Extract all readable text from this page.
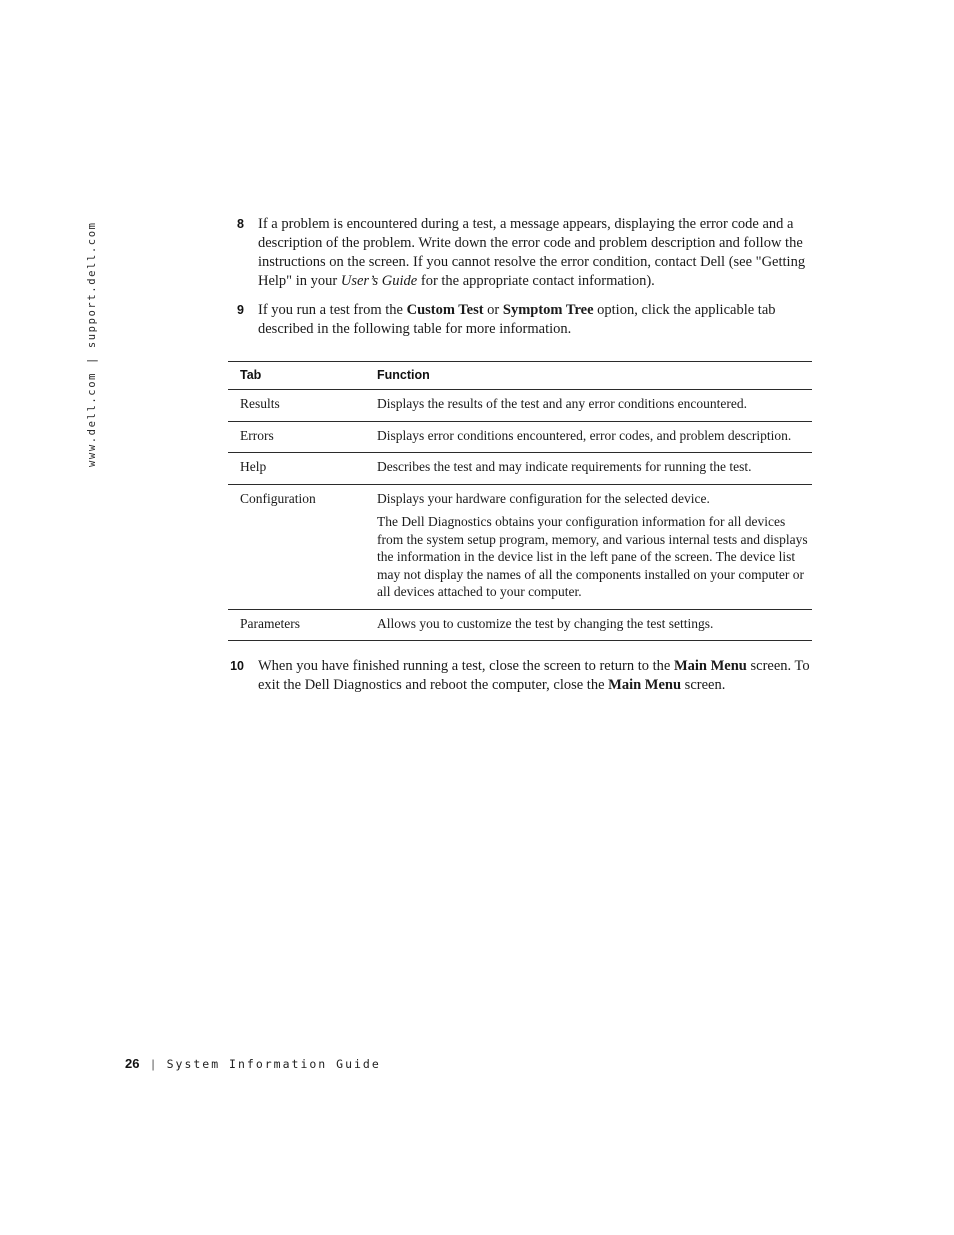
www.dell.com | support.dell.com	8 If a problem is encountered during a test, a message appears, displaying the error code and a description of the problem. Write down the error code and problem description and follow the instructions on the screen. If you cannot resolve the error condition, contact Dell (see "Getting Help" in your User’s Guide for the appropriate contact information).
9 If you run a test from the Custom Test or Symptom Tree option, click the applicable tab described in the following table for more information.
Tab	Function
Results	Displays the results of the test and any error conditions encountered.

Errors	Displays error conditions encountered, error codes, and problem description.

Help	Describes the test and may indicate requirements for running the test.

Configuration	Displays your hardware configuration for the selected device.

The Dell Diagnostics obtains your configuration information for all devices from the system setup program, memory, and various internal tests and displays the information in the device list in the left pane of the screen. The device list may not display the names of all the components installed on your computer or all devices attached to your computer.

Parameters	Allows you to customize the test by changing the test settings.

10 When you have finished running a test, close the screen to return to the Main Menu screen. To exit the Dell Diagnostics and reboot the computer, close the Main Menu screen.
26 | System Information Guide
